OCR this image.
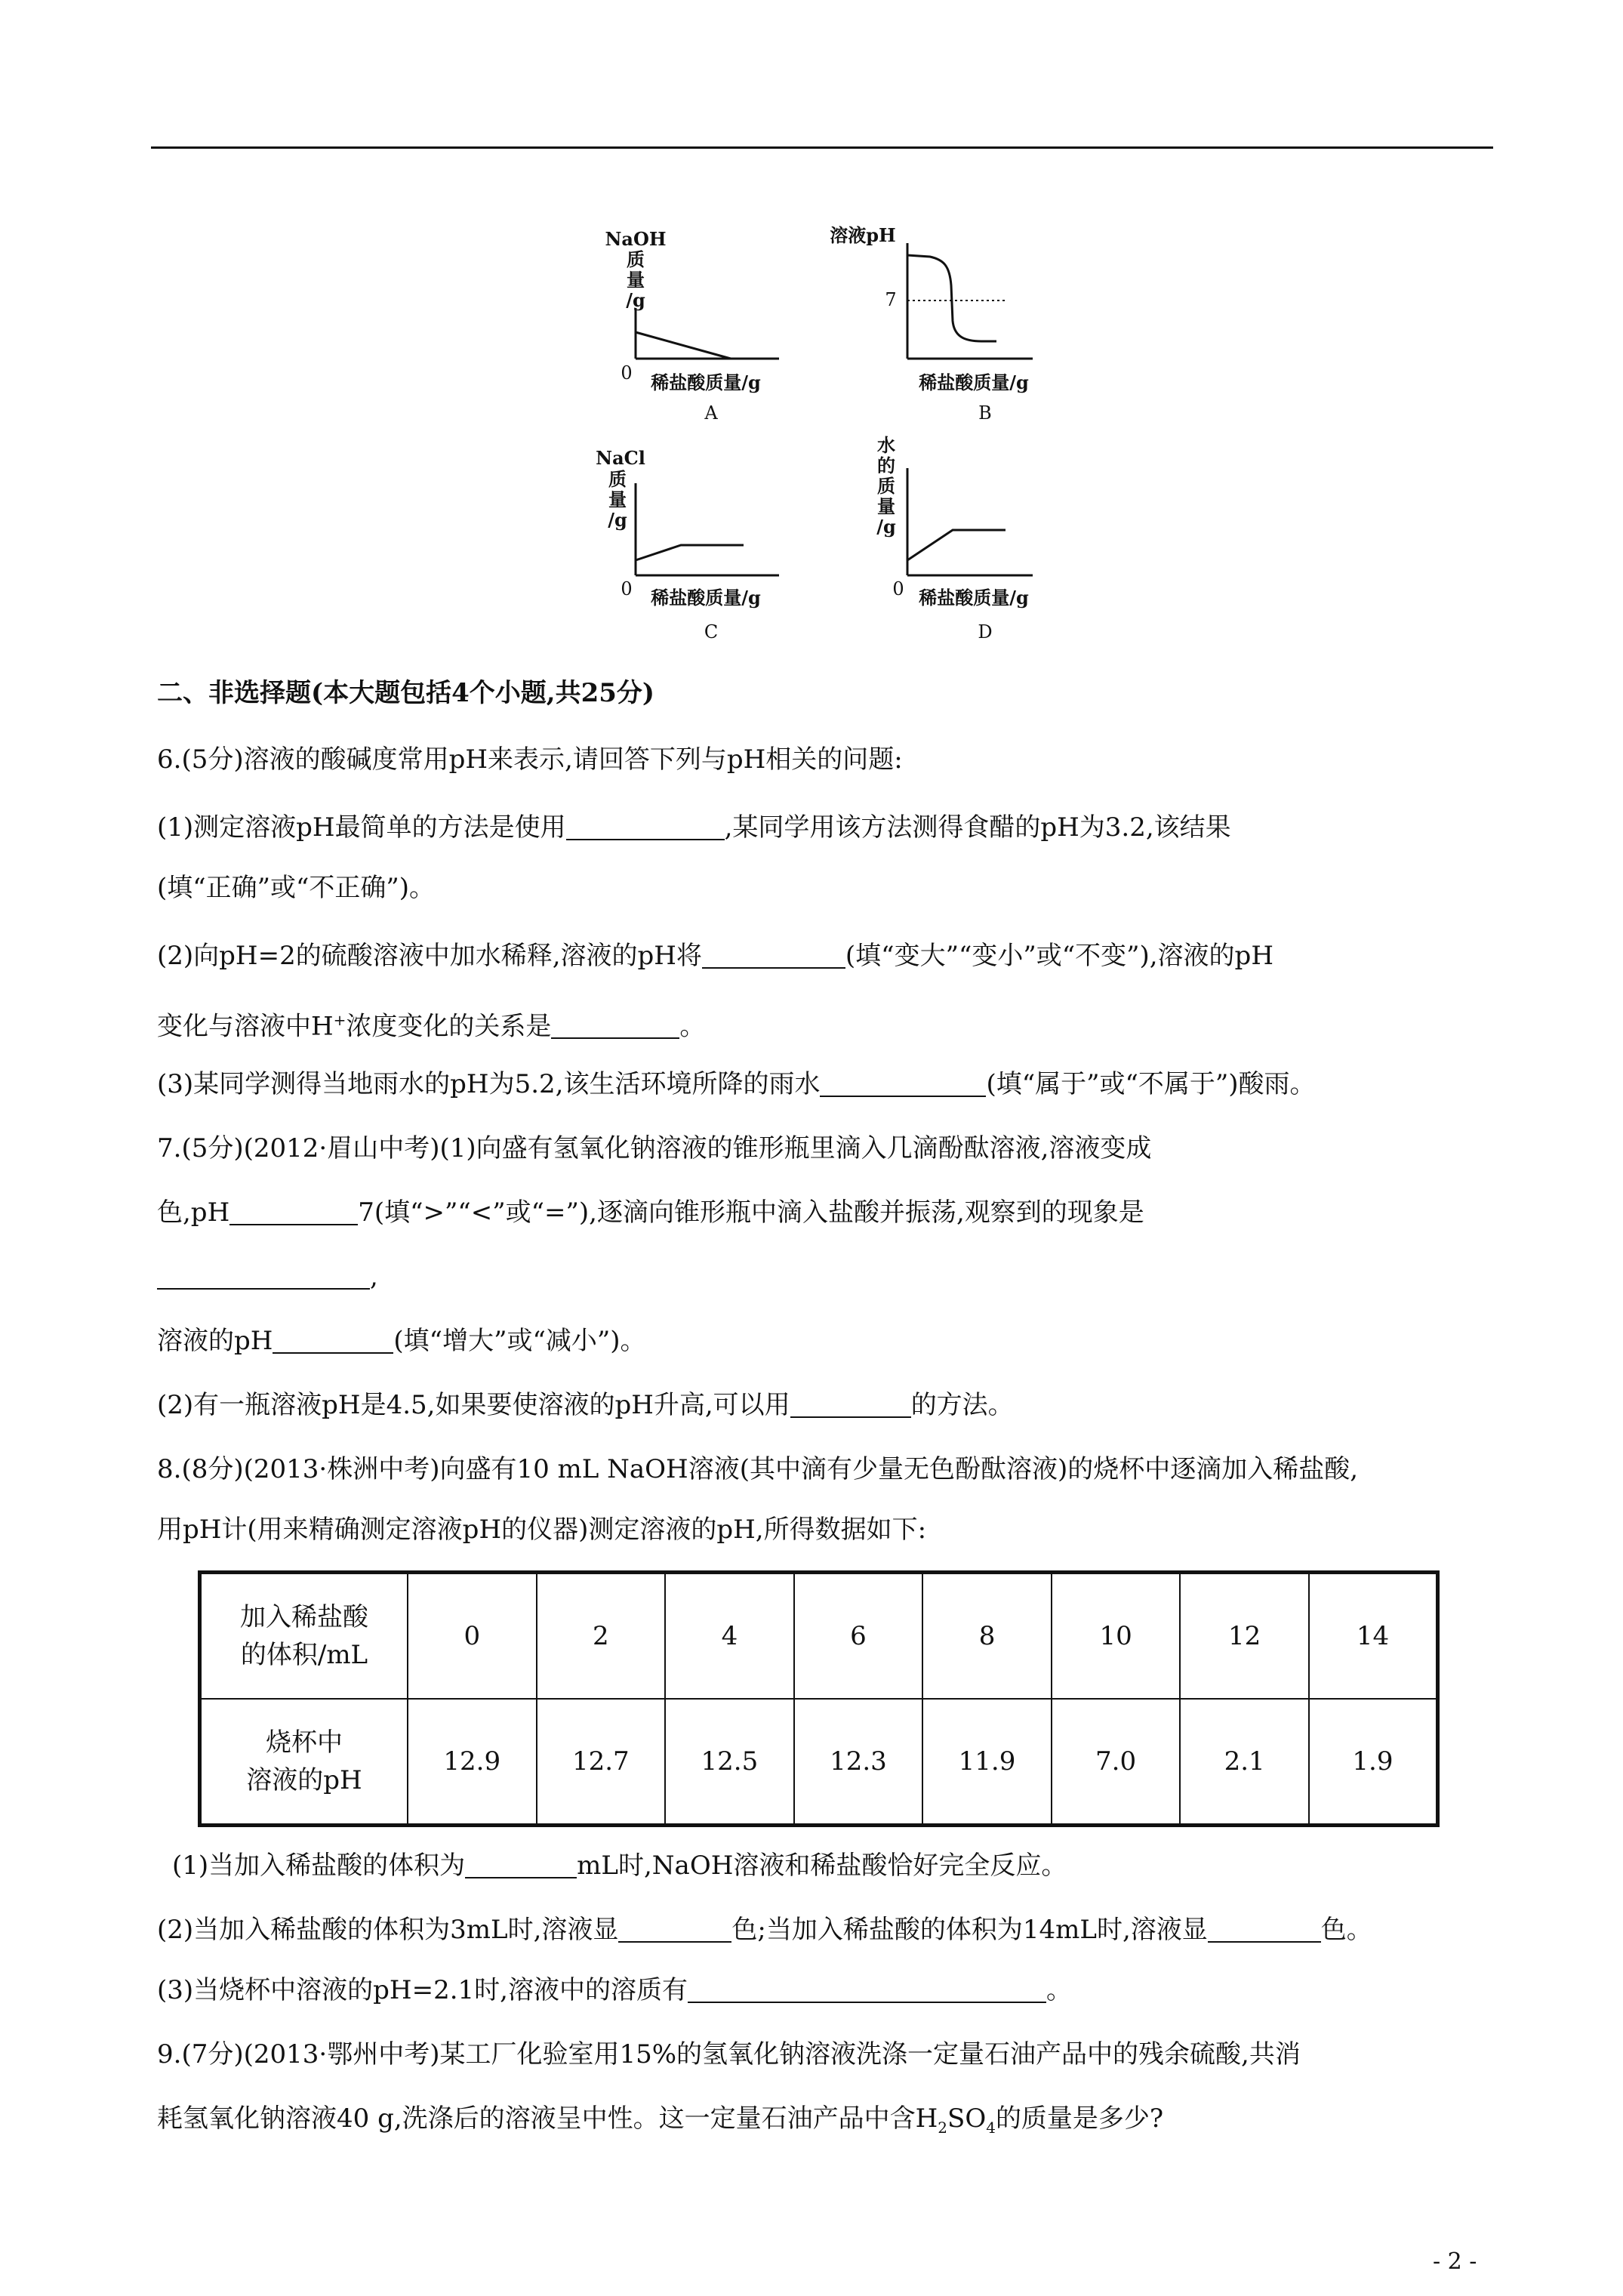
NaOH
质
量
/g
0 稀盐酸质量/g
A
溶液pH
7
稀盐酸质量/g
B
NaCl
质
量
/g
0 稀盐酸质量/g
C
水
的
质
量
/g
0 稀盐酸质量/g
D
二、非选择题(本大题包括4个小题,共25分)
6.(5分)溶液的酸碱度常用pH来表示,请回答下列与pH相关的问题:
(1)测定溶液pH最简单的方法是使用	,某同学用该方法测得食醋的pH为3.2,该结果
(填“正确”或“不正确”)。
(2)向pH=2的硫酸溶液中加水稀释,溶液的pH将	(填“变大”“变小”或“不变”),溶液的pH
变化与溶液中H+浓度变化的关系是	。
(3)某同学测得当地雨水的pH为5.2,该生活环境所降的雨水	(填“属于”或“不属于”)酸雨。
7.(5分)(2012·眉山中考)(1)向盛有氢氧化钠溶液的锥形瓶里滴入几滴酚酞溶液,溶液变成
色,pH	7(填“>”“<”或“=”),逐滴向锥形瓶中滴入盐酸并振荡,观察到的现象是
,
溶液的pH	(填“增大”或“减小”)。
(2)有一瓶溶液pH是4.5,如果要使溶液的pH升高,可以用	的方法。
8.(8分)(2013·株洲中考)向盛有10 mL NaOH溶液(其中滴有少量无色酚酞溶液)的烧杯中逐滴加入稀盐酸,
用pH计(用来精确测定溶液pH的仪器)测定溶液的pH,所得数据如下:
加入稀盐酸
的体积/mL	0	2	4	6	8	10	12	14

烧杯中
溶液的pH	12.9	12.7	12.5	12.3	11.9	7.0	2.1	1.9
(1)当加入稀盐酸的体积为	mL时,NaOH溶液和稀盐酸恰好完全反应。
(2)当加入稀盐酸的体积为3mL时,溶液显	色;当加入稀盐酸的体积为14mL时,溶液显	色。
(3)当烧杯中溶液的pH=2.1时,溶液中的溶质有	。
9.(7分)(2013·鄂州中考)某工厂化验室用15%的氢氧化钠溶液洗涤一定量石油产品中的残余硫酸,共消
耗氢氧化钠溶液40 g,洗涤后的溶液呈中性。这一定量石油产品中含$H_2SO_4$的质量是多少?
- 2 -
